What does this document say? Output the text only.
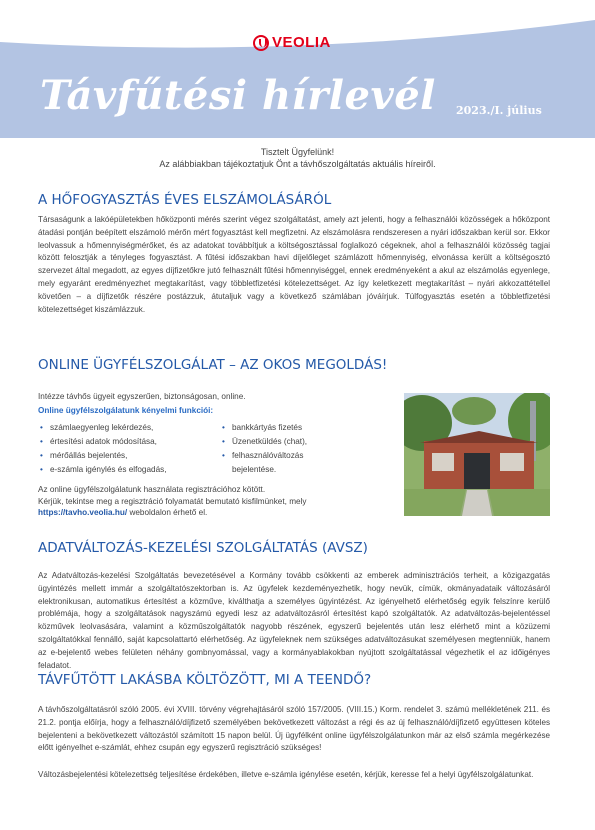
VEOLIA
Távfűtési hírlevél 2023./I. július
Tisztelt Ügyfelünk!
Az alábbiakban tájékoztatjuk Önt a távhőszolgáltatás aktuális híreiről.
A HŐFOGYASZTÁS ÉVES ELSZÁMOLÁSÁRÓL
Társaságunk a lakóépületekben hőközponti mérés szerint végez szolgáltatást, amely azt jelenti, hogy a felhasználói közösségek a hőközpont átadási pontján beépített elszámoló mérőn mért fogyasztást kell megfizetni. Az elszámolásra rendszeresen a nyári időszakban kerül sor. Ekkor leolvassuk a hőmennyiségmérőket, és az adatokat továbbítjuk a költségosztással foglalkozó cégeknek, ahol a felhasználói közösség tagjai között felosztják a tényleges fogyasztást. A fűtési időszakban havi díjelőleget számlázott hőmennyiség, elvonássa került a költségosztó szervezet által megadott, az egyes díjfizetőkre jutó felhasznált fűtési hőmennyiséggel, ennek eredményeként a akul az elszámolás egyenlege, mely egyaránt eredményezhet megtakarítást, vagy többletfizetési kötelezettséget. Az így keletkezett megtakarítást – nyári akkozattétellel követően – a díjfizetők részére postázzuk, átutaljuk vagy a következő számlában jóváírjuk. Túlfogyasztás esetén a többletfizetési kötelezettséget kiszámlázzuk.
ONLINE ÜGYFÉLSZOLGÁLAT – AZ OKOS MEGOLDÁS!
Intézze távhős ügyeit egyszerűen, biztonságosan, online.
Online ügyfélszolgálatunk kényelmi funkciói:
• számlaegyenleg lekérdezés,
• értesítési adatok módosítása,
• mérőállás bejelentés,
• e-számla igénylés és elfogadás,
• bankkártyás fizetés
• Üzenetküldés (chat),
• felhasználóváltozás
bejelentése.
Az online ügyfélszolgálatunk használata regisztrációhoz kötött.
Kérjük, tekintse meg a regisztráció folyamatát bemutató kisfilmünket, mely
https://tavho.veolia.hu/ weboldalon érhető el.
ADATVÁLTOZÁS-KEZELÉSI SZOLGÁLTATÁS (AVSZ)
Az Adatváltozás-kezelési Szolgáltatás bevezetésével a Kormány tovább csökkenti az emberek adminisztrációs terheit, a közigazgatás ügyintézés mellett immár a szolgáltatószektorban is. Az ügyfelek kezdeményezhetik, hogy nevük, címük, okmányadataik változásáról elektronikusan, automatikus értesítést a közműve, kiválthatja a személyes ügyintézést. Az igényelhető elérhetőség egyik felszínre kerülő problémája, hogy a szolgáltatások nagyszámú egyedi lesz az adatváltozásról értesítést kapó szolgáltatók. Az adatváltozás-bejelentéssel közművek leolvasására, valamint a közműszolgáltatók nagyobb részének, egyszerű bejelentés után lesz elérhető mint a közüzemi szolgáltatókkal fennálló, saját kapcsolattartó elérhetőség. Az ügyfeleknek nem szükséges adatváltozásukat személyesen megtenniük, hanem az e-bejelentő webes felületen néhány gombnyomással, vagy a kormányablakokban nyújtott szolgáltatással végezhetik el az időigényes feladatot.
TÁVFŰTÖTT LAKÁSBA KÖLTÖZÖTT, MI A TEENDŐ?
A távhőszolgáltatásról szóló 2005. évi XVIII. törvény végrehajtásáról szóló 157/2005. (VIII.15.) Korm. rendelet 3. számú mellékletének 211. és 21.2. pontja előírja, hogy a felhasználó/díjfizető személyében bekövetkezett változást a régi és az új felhasználó/díjfizető együttesen köteles bejelenteni a bekövetkezett változástól számított 15 napon belül. Új ügyfélként online ügyfélszolgálatunkon már az első számla megérkezése előtt igényelhet e-számlát, ehhez csupán egy egyszerű regisztráció szükséges!
Változásbejelentési kötelezettség teljesítése érdekében, illetve e-számla igénylése esetén, kérjük, keresse fel a helyi ügyfélszolgálatunkat.
